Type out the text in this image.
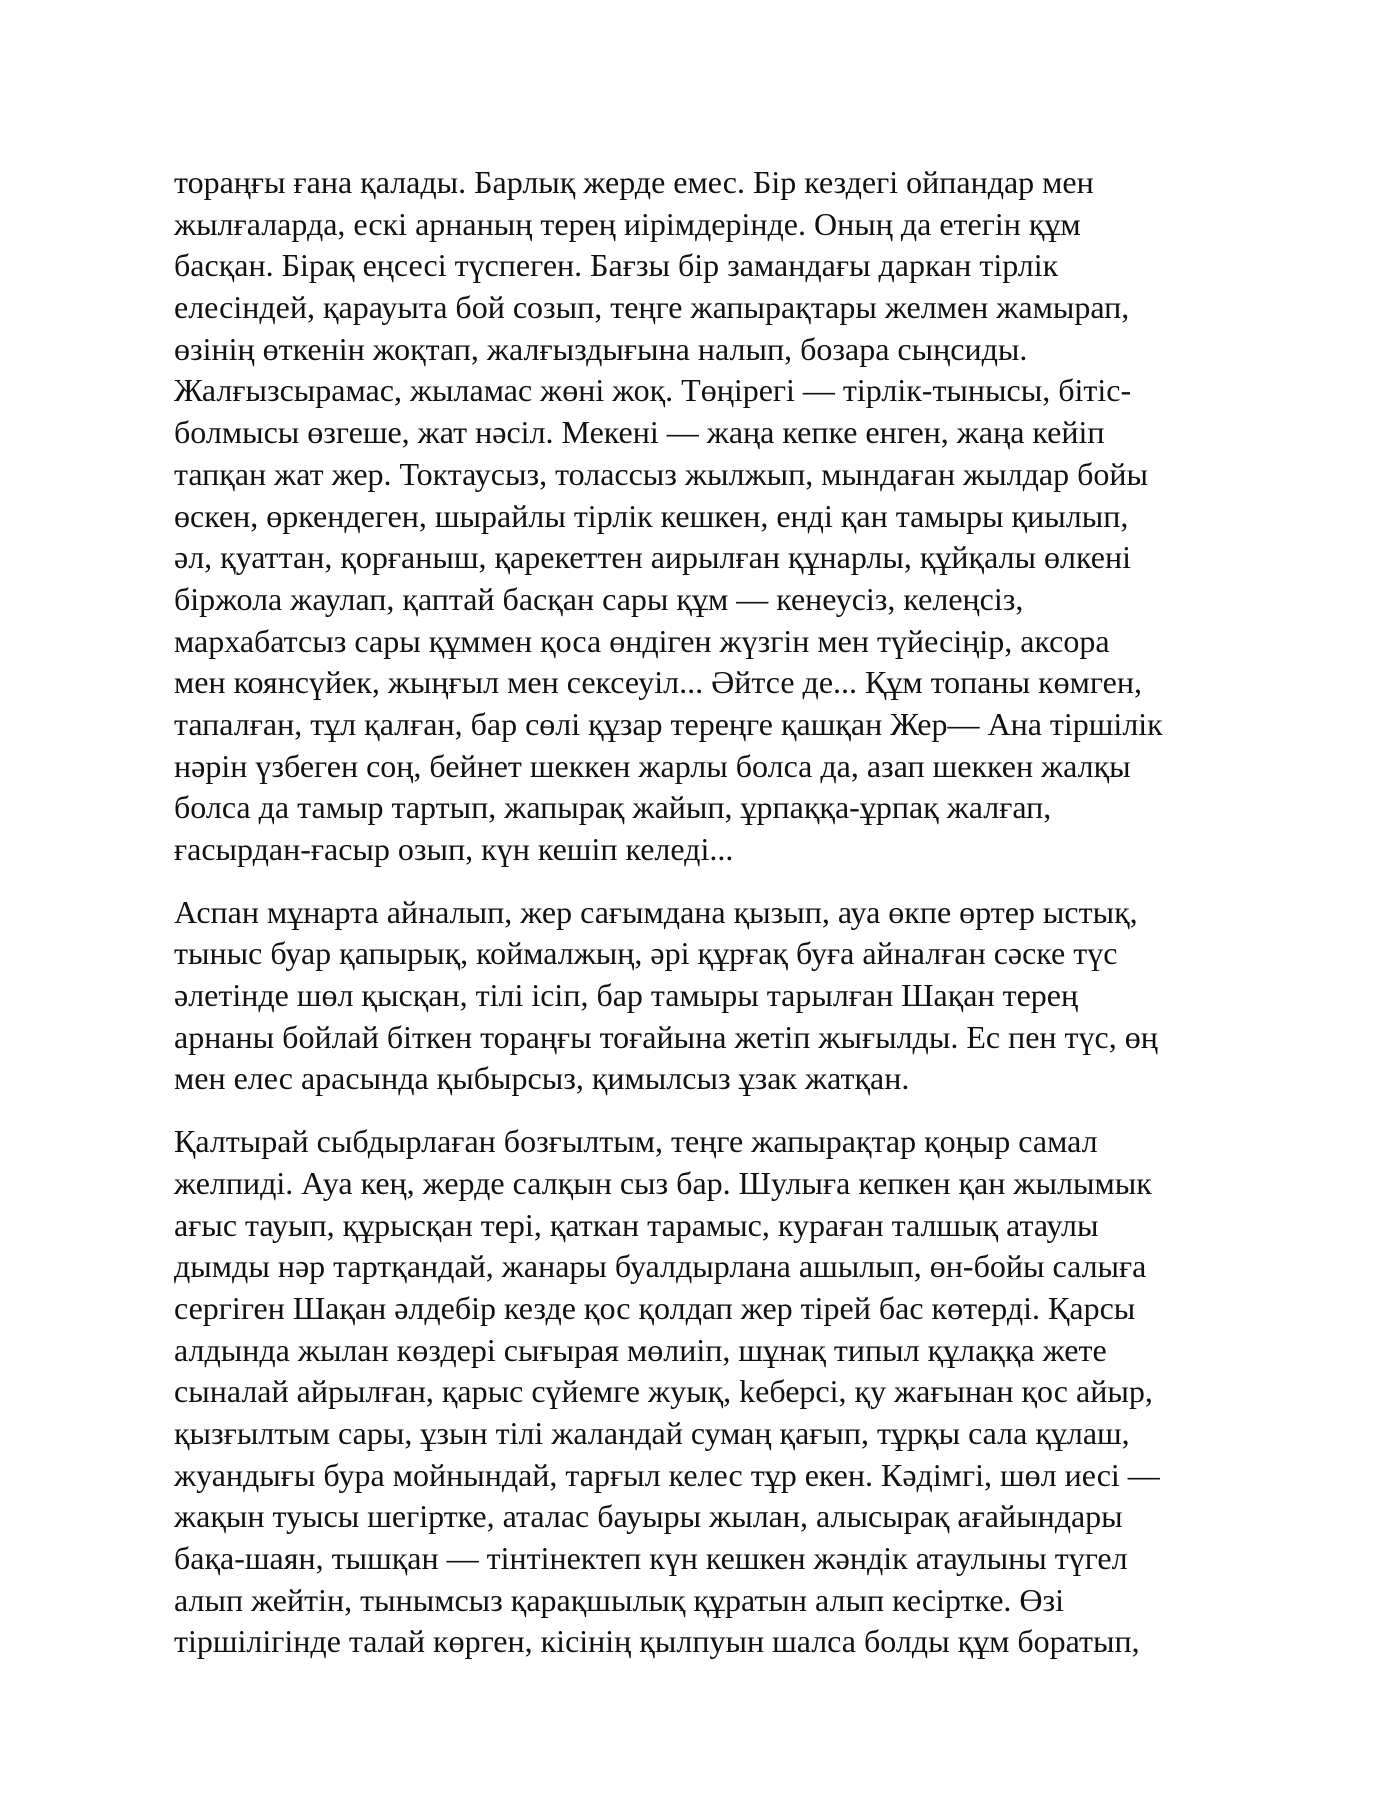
тораңғы ғана қалады. Барлық жерде емес. Бір кездегі ойпандар мен
жылғаларда, ескі арнаның терең иірімдерінде. Оның да етегін құм
басқан. Бірақ еңсесі түспеген. Бағзы бір замандағы даркан тірлік
елесіндей, қарауыта бой созып, теңге жапырақтары желмен жамырап,
өзінің өткенін жоқтап, жалғыздығына налып, бозара сыңсиды.
Жалғызсырамас, жыламас жөні жоқ. Төңірегі — тірлік-тынысы, бітіс-
болмысы өзгеше, жат нәсіл. Мекені — жаңа кепке енген, жаңа кейіп
тапқан жат жер. Токтаусыз, толассыз жылжып, мындаған жылдар бойы
өскен, өркендеген, шырайлы тірлік кешкен, енді қан тамыры қиылып,
әл, қуаттан, қорғаныш, қарекеттен аирылған құнарлы, құйқалы өлкені
біржола жаулап, қаптай басқан сары құм — кенеусіз, келеңсіз,
мархабатсыз сары құммен қоса өндіген жүзгін мен түйесіңір, аксора
мен коянсүйек, жыңғыл мен сексеуіл... Әйтсе де... Құм топаны көмген,
тапалған, тұл қалған, бар сөлі құзар тереңге қашқан Жер— Ана тіршілік
нәрін үзбеген соң, бейнет шеккен жарлы болса да, азап шеккен жалқы
болса да тамыр тартып, жапырақ жайып, ұрпаққа-ұрпақ жалғап,
ғасырдан-ғасыр озып, күн кешіп келеді...
Аспан мұнарта айналып, жер сағымдана қызып, ауа өкпе өртер ыстық,
тыныс буар қапырық, коймалжың, әрі құрғақ буға айналған сәске түс
әлетінде шөл қысқан, тілі ісіп, бар тамыры тарылған Шақан терең
арнаны бойлай біткен тораңғы тоғайына жетіп жығылды. Ес пен түс, өң
мен елес арасында қыбырсыз, қимылсыз ұзак жатқан.
Қалтырай сыбдырлаған бозғылтым, теңге жапырақтар қоңыр самал
желпиді. Ауа кең, жерде салқын сыз бар. Шулыға кепкен қан жылымык
ағыс тауып, құрысқан тері, қаткан тарамыс, кураған талшық атаулы
дымды нәр тартқандай, жанары буалдырлана ашылып, өн-бойы салыға
сергіген Шақан әлдебір кезде қос қолдап жер тірей бас көтерді. Қарсы
алдында жылан көздері сығырая мөлиіп, шұнақ типыл құлаққа жете
сыналай айрылған, қарыс сүйемге жуық, keберсі, қу жағынан қос айыр,
қызғылтым сары, ұзын тілі жаландай сумаң қағып, тұрқы сала құлаш,
жуандығы бура мойнындай, тарғыл келес тұр екен. Кәдімгі, шөл иесі —
жақын туысы шегіртке, аталас бауыры жылан, алысырақ ағайындары
бақа-шаян, тышқан — тінтінектеп күн кешкен жәндік атаулыны түгел
алып жейтін, тынымсыз қарақшылық құратын алып кесіртке. Өзі
тіршілігінде талай көрген, кісінің қылпуын шалса болды құм боратып,
